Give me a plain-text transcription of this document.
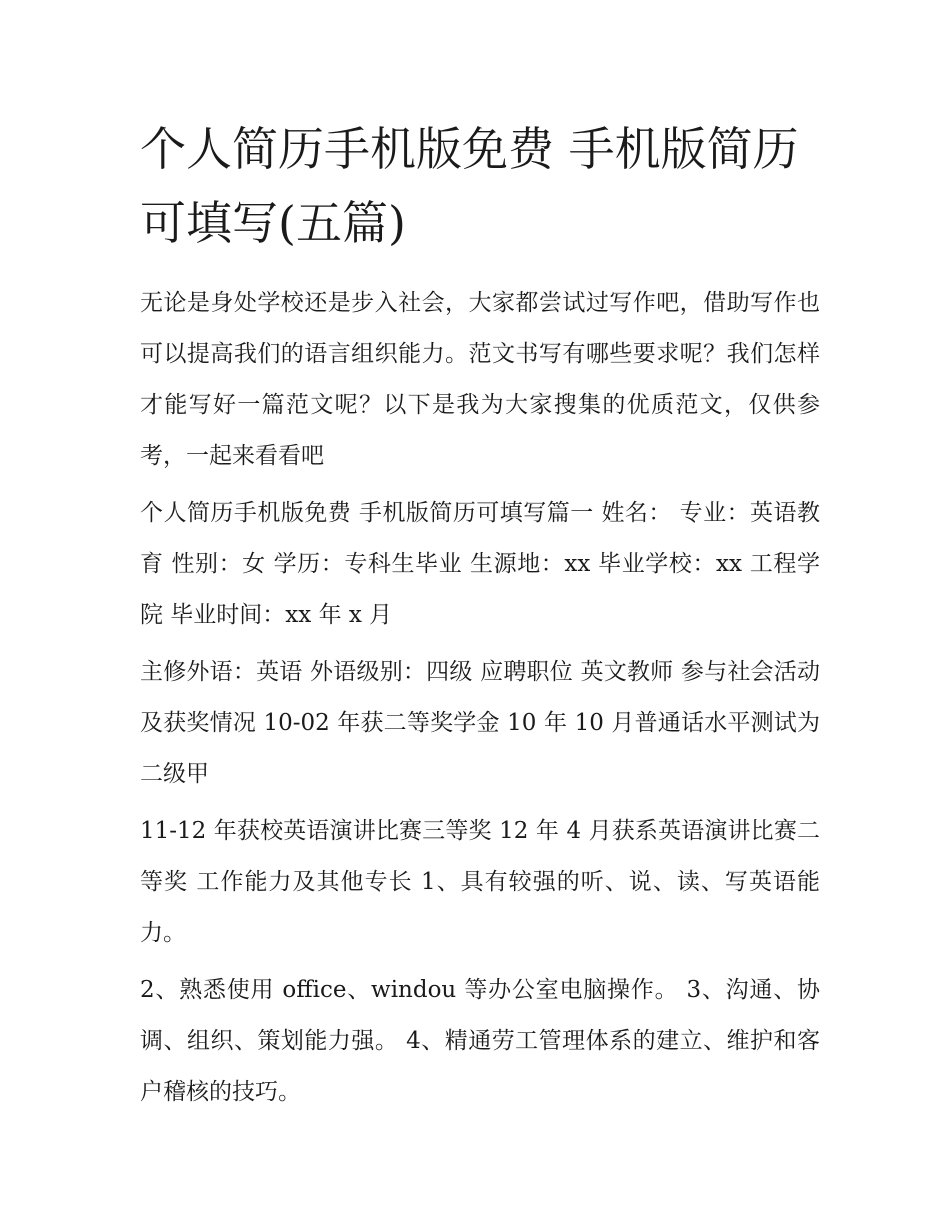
个人简历手机版免费 手机版简历可填写(五篇)

无论是身处学校还是步入社会，大家都尝试过写作吧，借助写作也可以提高我们的语言组织能力。范文书写有哪些要求呢？我们怎样才能写好一篇范文呢？以下是我为大家搜集的优质范文，仅供参考，一起来看看吧

个人简历手机版免费 手机版简历可填写篇一 姓名： 专业：英语教育 性别：女 学历：专科生毕业 生源地：xx 毕业学校：xx 工程学院 毕业时间：xx 年 x 月

主修外语：英语 外语级别：四级 应聘职位 英文教师 参与社会活动及获奖情况 10-02 年获二等奖学金 10 年 10 月普通话水平测试为二级甲

11-12 年获校英语演讲比赛三等奖 12 年 4 月获系英语演讲比赛二等奖 工作能力及其他专长 1、具有较强的听、说、读、写英语能力。

2、熟悉使用 office、windou 等办公室电脑操作。 3、沟通、协调、组织、策划能力强。 4、精通劳工管理体系的建立、维护和客户稽核的技巧。
